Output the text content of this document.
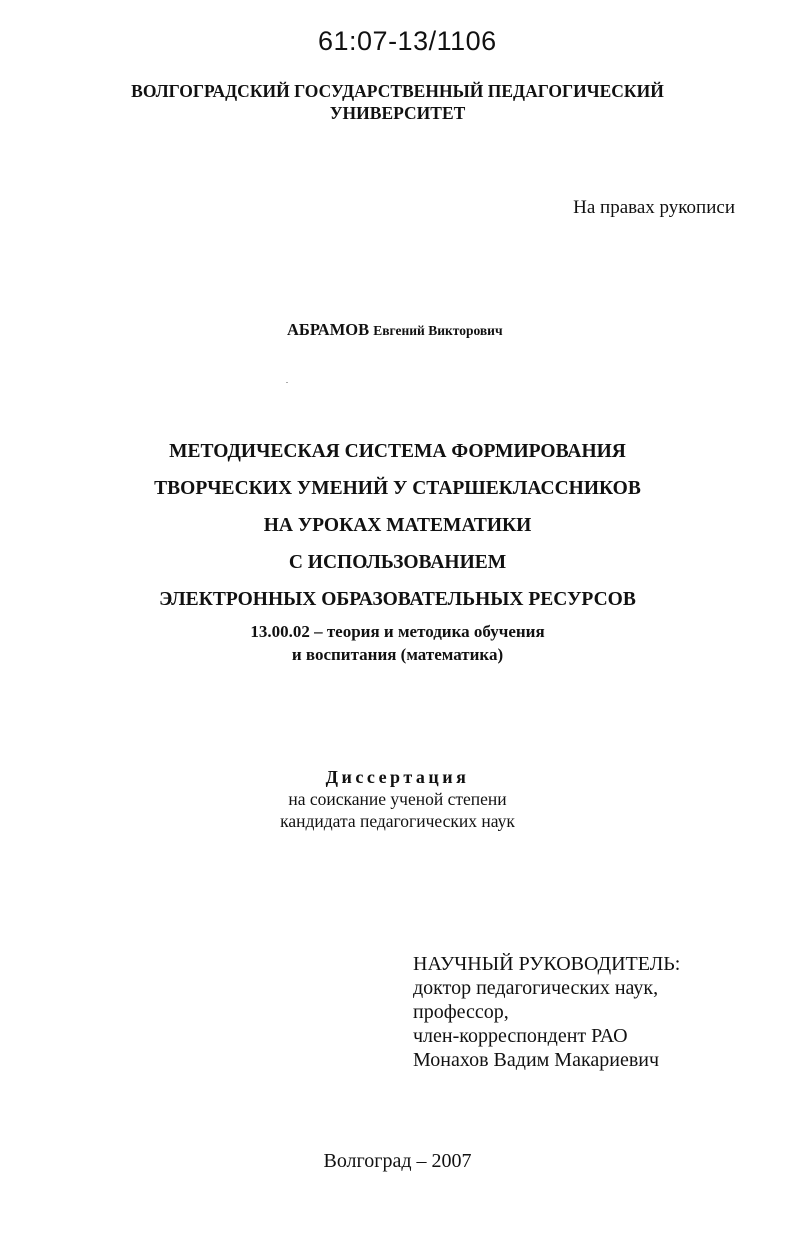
61:07-13/1106
ВОЛГОГРАДСКИЙ ГОСУДАРСТВЕННЫЙ ПЕДАГОГИЧЕСКИЙ
УНИВЕРСИТЕТ
На правах рукописи
АБРАМОВ Евгений Викторович
МЕТОДИЧЕСКАЯ СИСТЕМА ФОРМИРОВАНИЯ
ТВОРЧЕСКИХ УМЕНИЙ У СТАРШЕКЛАССНИКОВ
НА УРОКАХ МАТЕМАТИКИ
С ИСПОЛЬЗОВАНИЕМ
ЭЛЕКТРОННЫХ ОБРАЗОВАТЕЛЬНЫХ РЕСУРСОВ
13.00.02 – теория и методика обучения
и воспитания (математика)
Диссертация
на соискание ученой степени
кандидата педагогических наук
НАУЧНЫЙ РУКОВОДИТЕЛЬ:
доктор педагогических наук,
профессор,
член-корреспондент РАО
Монахов Вадим Макариевич
Волгоград – 2007
